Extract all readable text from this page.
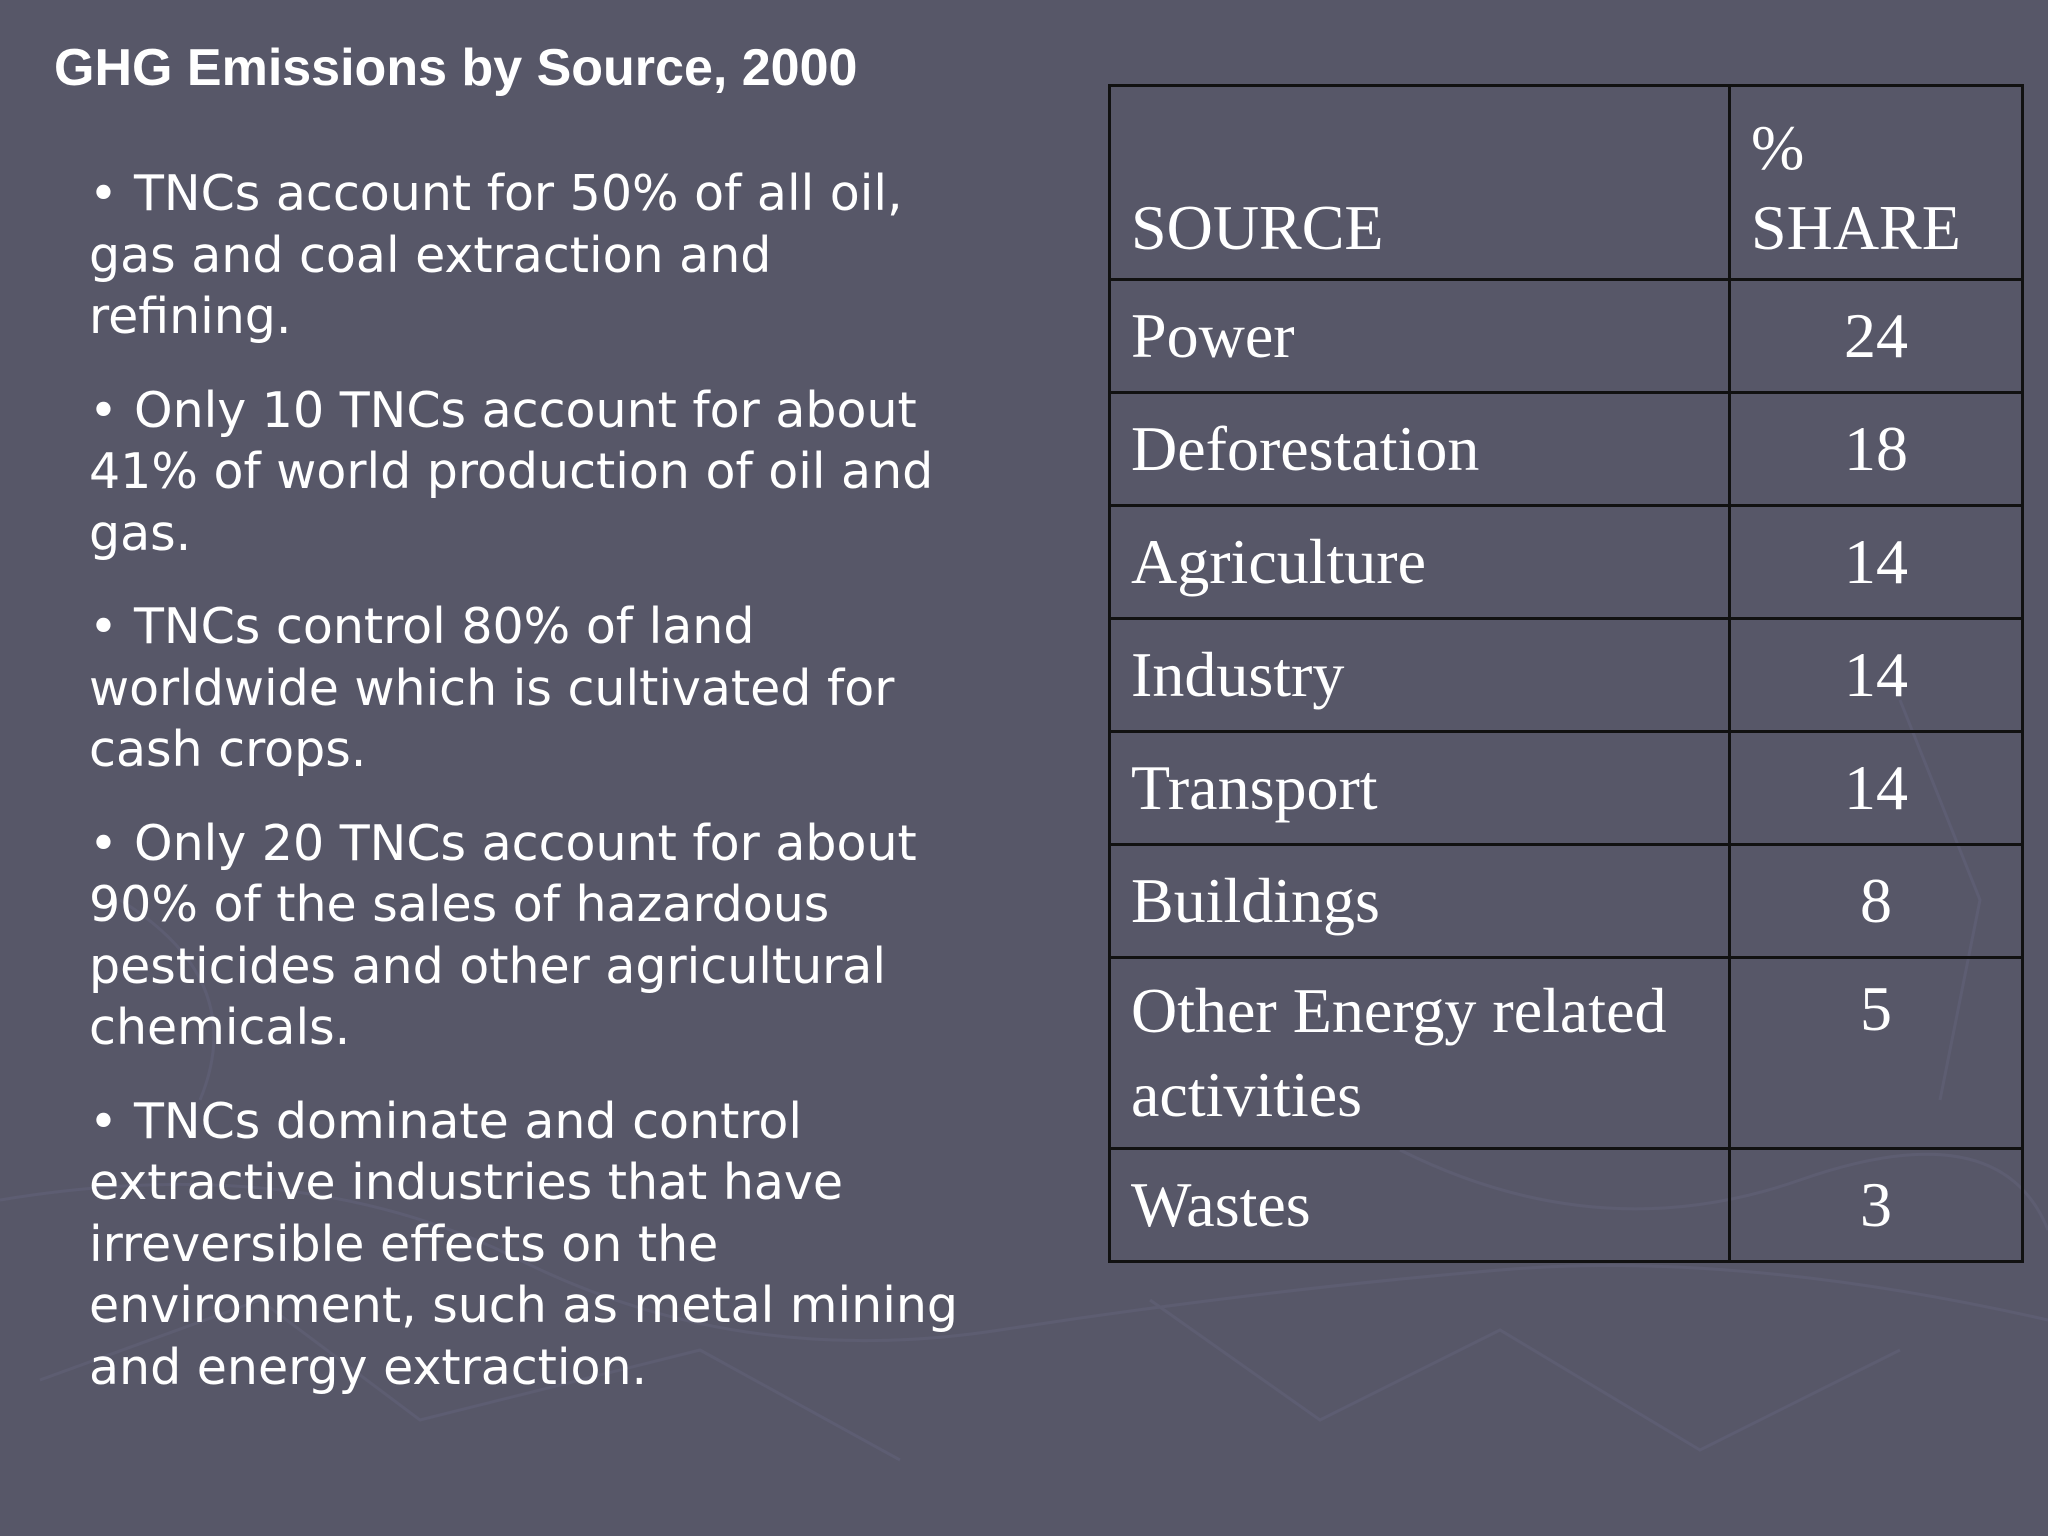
GHG Emissions by Source, 2000
• TNCs account for 50% of all oil, gas and coal extraction and refining.
• Only 10 TNCs account for about 41% of world production of oil and gas.
• TNCs control 80% of land worldwide which is cultivated for cash crops.
• Only 20 TNCs account for about 90% of the sales of hazardous pesticides and other agricultural chemicals.
• TNCs dominate and control extractive industries that have irreversible effects on the environment, such as metal mining and energy extraction.
SOURCE	% SHARE
Power	24
Deforestation	18
Agriculture	14
Industry	14
Transport	14
Buildings	8
Other Energy related activities	5
Wastes	3
